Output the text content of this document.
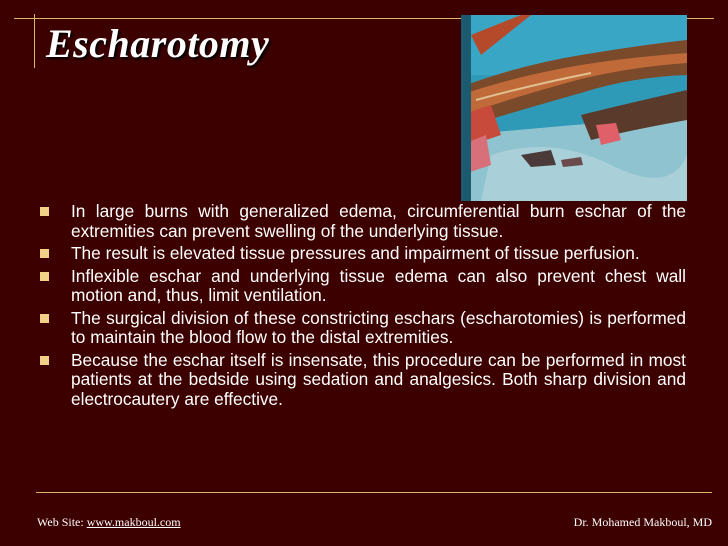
Escharotomy
In large burns with generalized edema, circumferential burn eschar of the extremities can prevent swelling of the underlying tissue.
The result is elevated tissue pressures and impairment of tissue perfusion.
Inflexible eschar and underlying tissue edema can also prevent chest wall motion and, thus, limit ventilation.
The surgical division of these constricting eschars (escharotomies) is performed to maintain the blood flow to the distal extremities.
Because the eschar itself is insensate, this procedure can be performed in most patients at the bedside using sedation and analgesics. Both sharp division and electrocautery are effective.
Web Site: www.makboul.com	Dr. Mohamed Makboul, MD
